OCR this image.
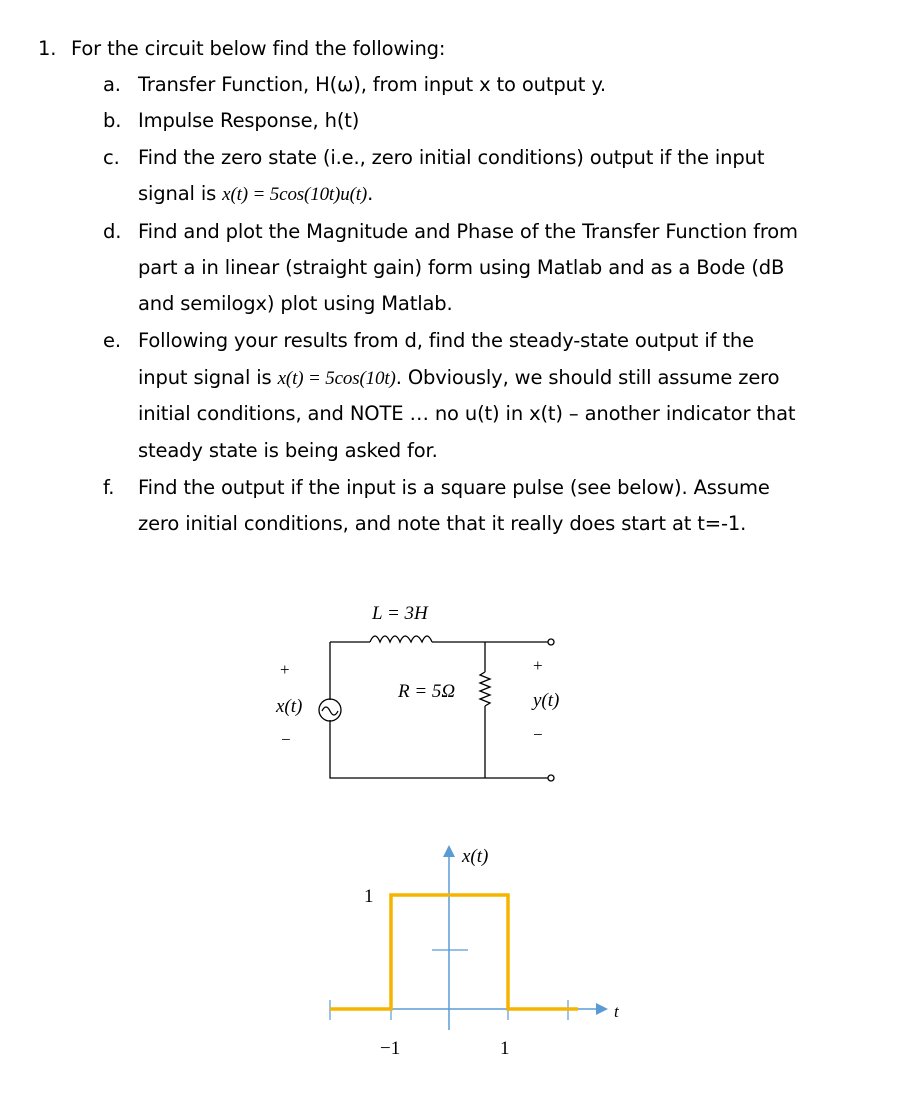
1. For the circuit below find the following:
a. Transfer Function, H(ω), from input x to output y.
b. Impulse Response, h(t)
c. Find the zero state (i.e., zero initial conditions) output if the input
signal is x(t) = 5cos(10t)u(t).
d. Find and plot the Magnitude and Phase of the Transfer Function from
part a in linear (straight gain) form using Matlab and as a Bode (dB
and semilogx) plot using Matlab.
e. Following your results from d, find the steady-state output if the
input signal is x(t) = 5cos(10t). Obviously, we should still assume zero
initial conditions, and NOTE … no u(t) in x(t) – another indicator that
steady state is being asked for.
f. Find the output if the input is a square pulse (see below). Assume
zero initial conditions, and note that it really does start at t=-1.
L = 3H
R = 5Ω
x(t)	y(t)
+
−
+
−
x(t)
t
1
−1	1
